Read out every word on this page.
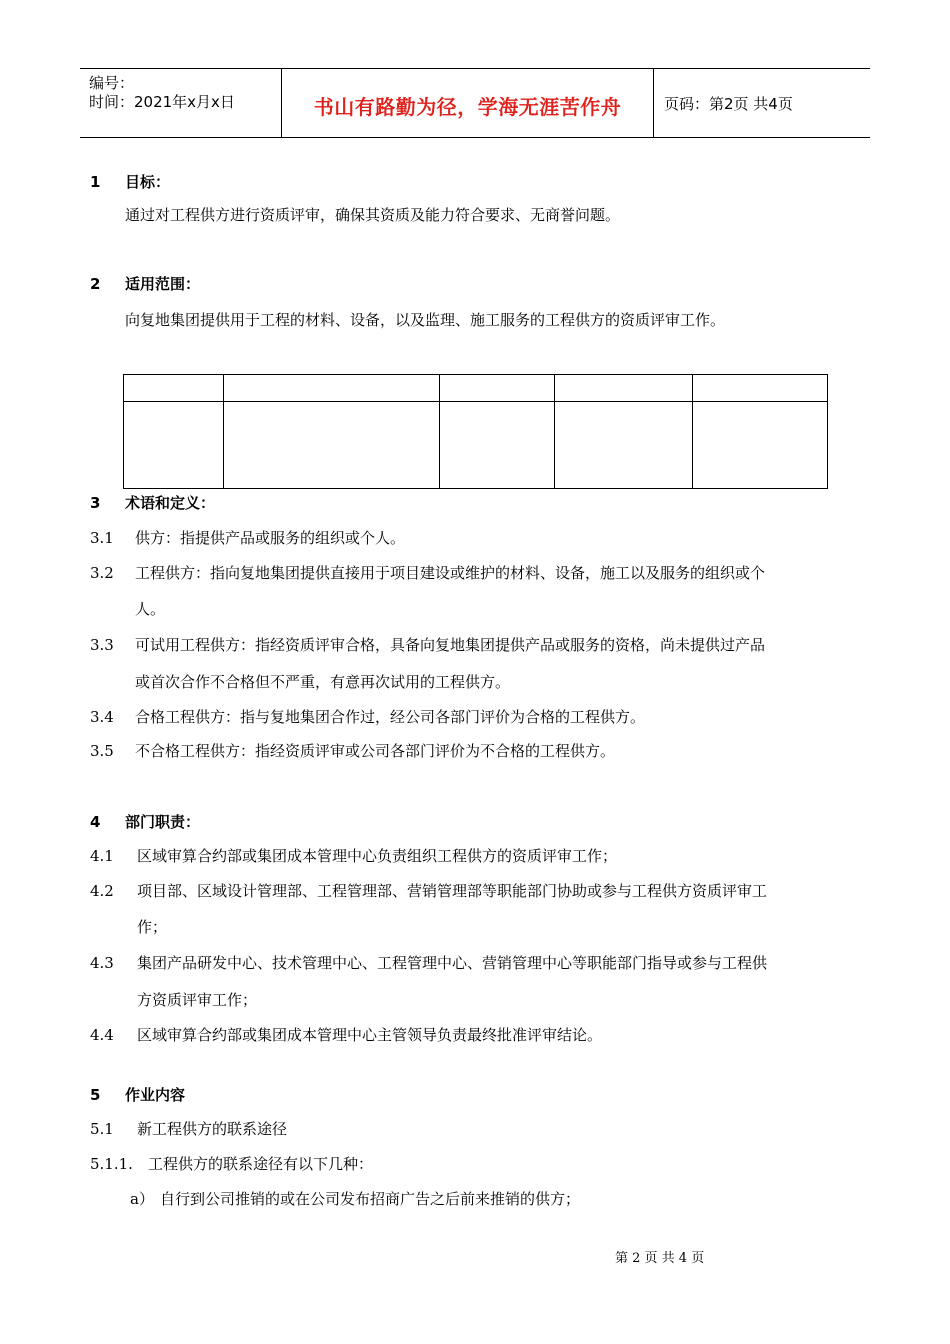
编号：
时间：2021年x月x日	书山有路勤为径，学海无涯苦作舟	页码：第2页 共4页
1 目标：
通过对工程供方进行资质评审，确保其资质及能力符合要求、无商誉问题。
2 适用范围：
向复地集团提供用于工程的材料、设备，以及监理、施工服务的工程供方的资质评审工作。

3 术语和定义：
3.1 供方：指提供产品或服务的组织或个人。
3.2 工程供方：指向复地集团提供直接用于项目建设或维护的材料、设备，施工以及服务的组织或个
人。
3.3 可试用工程供方：指经资质评审合格，具备向复地集团提供产品或服务的资格，尚未提供过产品
或首次合作不合格但不严重，有意再次试用的工程供方。
3.4 合格工程供方：指与复地集团合作过，经公司各部门评价为合格的工程供方。
3.5 不合格工程供方：指经资质评审或公司各部门评价为不合格的工程供方。
4 部门职责：
4.1 区域审算合约部或集团成本管理中心负责组织工程供方的资质评审工作；
4.2 项目部、区域设计管理部、工程管理部、营销管理部等职能部门协助或参与工程供方资质评审工
作；
4.3 集团产品研发中心、技术管理中心、工程管理中心、营销管理中心等职能部门指导或参与工程供
方资质评审工作；
4.4 区域审算合约部或集团成本管理中心主管领导负责最终批准评审结论。
5 作业内容
5.1 新工程供方的联系途径
5.1.1. 工程供方的联系途径有以下几种：
a） 自行到公司推销的或在公司发布招商广告之后前来推销的供方；
第 2 页 共 4 页
